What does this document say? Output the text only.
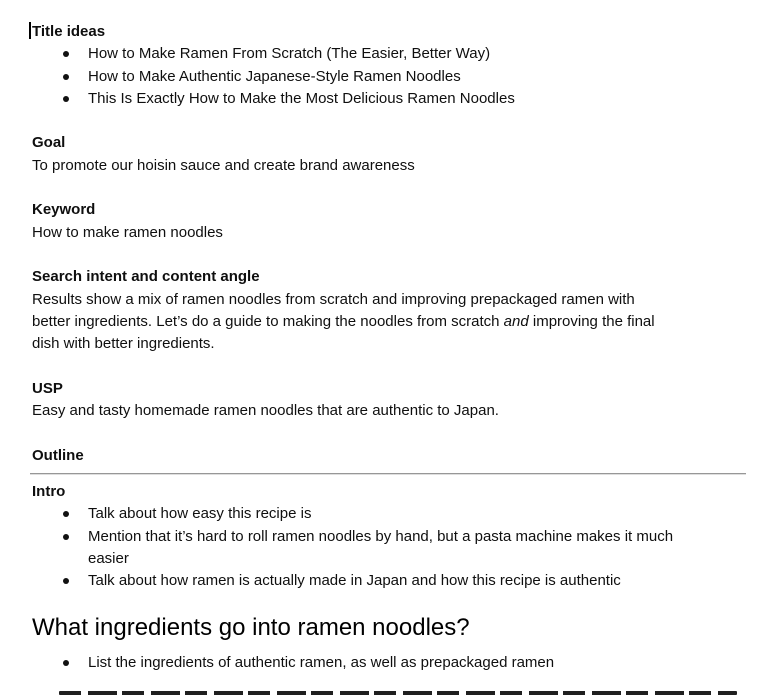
Title ideas
How to Make Ramen From Scratch (The Easier, Better Way)
How to Make Authentic Japanese-Style Ramen Noodles
This Is Exactly How to Make the Most Delicious Ramen Noodles
Goal
To promote our hoisin sauce and create brand awareness
Keyword
How to make ramen noodles
Search intent and content angle
Results show a mix of ramen noodles from scratch and improving prepackaged ramen with
better ingredients. Let’s do a guide to making the noodles from scratch and improving the final
dish with better ingredients.
USP
Easy and tasty homemade ramen noodles that are authentic to Japan.
Outline
Intro
Talk about how easy this recipe is
Mention that it’s hard to roll ramen noodles by hand, but a pasta machine makes it much
easier
Talk about how ramen is actually made in Japan and how this recipe is authentic
What ingredients go into ramen noodles?
List the ingredients of authentic ramen, as well as prepackaged ramen
